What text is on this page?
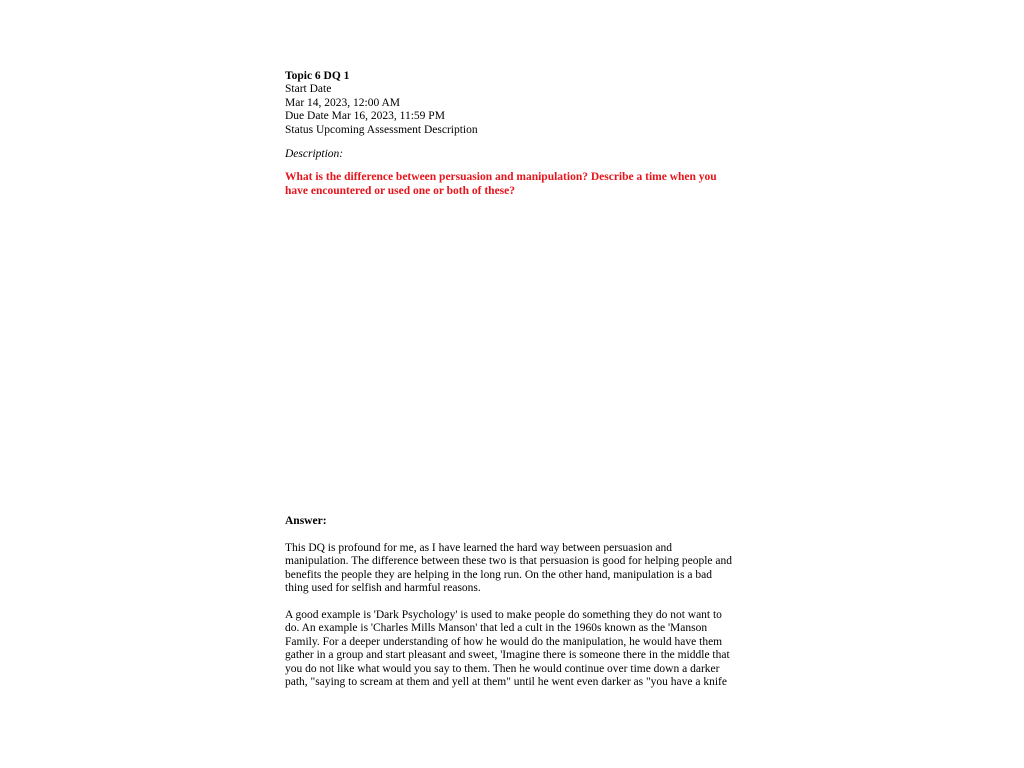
Topic 6 DQ 1
Start Date
Mar 14, 2023, 12:00 AM
Due Date Mar 16, 2023, 11:59 PM
Status Upcoming Assessment Description
Description:
What is the difference between persuasion and manipulation? Describe a time when you
have encountered or used one or both of these?
Answer:
This DQ is profound for me, as I have learned the hard way between persuasion and
manipulation. The difference between these two is that persuasion is good for helping people and
benefits the people they are helping in the long run. On the other hand, manipulation is a bad
thing used for selfish and harmful reasons.
A good example is 'Dark Psychology' is used to make people do something they do not want to
do. An example is 'Charles Mills Manson' that led a cult in the 1960s known as the 'Manson
Family. For a deeper understanding of how he would do the manipulation, he would have them
gather in a group and start pleasant and sweet, 'Imagine there is someone there in the middle that
you do not like what would you say to them. Then he would continue over time down a darker
path, "saying to scream at them and yell at them" until he went even darker as "you have a knife
